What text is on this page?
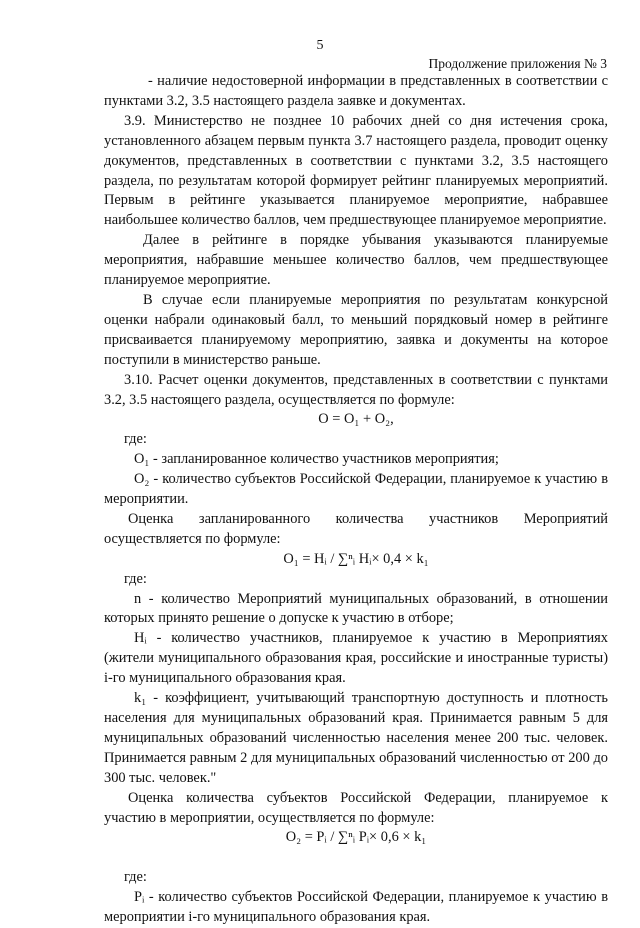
5
Продолжение приложения № 3

- наличие недостоверной информации в представленных в соответствии с пунктами 3.2, 3.5 настоящего раздела заявке и документах.

3.9. Министерство не позднее 10 рабочих дней со дня истечения срока, установленного абзацем первым пункта 3.7 настоящего раздела, проводит оценку документов, представленных в соответствии с пунктами 3.2, 3.5 настоящего раздела, по результатам которой формирует рейтинг планируемых мероприятий. Первым в рейтинге указывается планируемое мероприятие, набравшее наибольшее количество баллов, чем предшествующее планируемое мероприятие.

Далее в рейтинге в порядке убывания указываются планируемые мероприятия, набравшие меньшее количество баллов, чем предшествующее планируемое мероприятие.

В случае если планируемые мероприятия по результатам конкурсной оценки набрали одинаковый балл, то меньший порядковый номер в рейтинге присваивается планируемому мероприятию, заявка и документы на которое поступили в министерство раньше.

3.10. Расчет оценки документов, представленных в соответствии с пунктами 3.2, 3.5 настоящего раздела, осуществляется по формуле:

О = О₁ + О₂,

где:

О₁ - запланированное количество участников мероприятия;

О₂ - количество субъектов Российской Федерации, планируемое к участию в мероприятии.

Оценка запланированного количества участников Мероприятий осуществляется по формуле:

О₁ = Hᵢ / ∑ⁿᵢ Hᵢ× 0,4 × k₁

где:

n - количество Мероприятий муниципальных образований, в отношении которых принято решение о допуске к участию в отборе;

Hᵢ - количество участников, планируемое к участию в Мероприятиях (жители муниципального образования края, российские и иностранные туристы) i-го муниципального образования края.

k₁ - коэффициент, учитывающий транспортную доступность и плотность населения для муниципальных образований края. Принимается равным 5 для муниципальных образований численностью населения менее 200 тыс. человек. Принимается равным 2 для муниципальных образований численностью от 200 до 300 тыс. человек."

Оценка количества субъектов Российской Федерации, планируемое к участию в мероприятии, осуществляется по формуле:

О₂ = Pᵢ / ∑ⁿᵢ Pᵢ× 0,6 × k₁

где:

Pᵢ - количество субъектов Российской Федерации, планируемое к участию в мероприятии i-го муниципального образования края.
